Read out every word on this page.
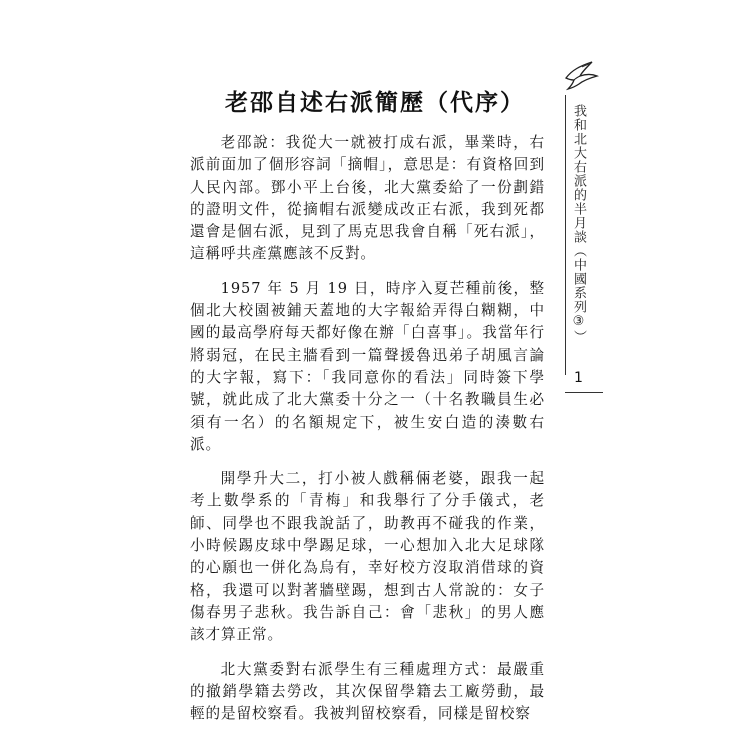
老邵自述右派簡歷（代序）

老邵說：我從大一就被打成右派，畢業時，右派前面加了個形容詞「摘帽」，意思是：有資格回到人民內部。鄧小平上台後，北大黨委給了一份劃錯的證明文件，從摘帽右派變成改正右派，我到死都還會是個右派，見到了馬克思我會自稱「死右派」，這稱呼共產黨應該不反對。

1957 年 5 月 19 日，時序入夏芒種前後，整個北大校園被鋪天蓋地的大字報給弄得白糊糊，中國的最高學府每天都好像在辦「白喜事」。我當年行將弱冠，在民主牆看到一篇聲援魯迅弟子胡風言論的大字報，寫下：「我同意你的看法」同時簽下學號，就此成了北大黨委十分之一（十名教職員生必須有一名）的名額規定下，被生安白造的湊數右派。

開學升大二，打小被人戲稱倆老婆，跟我一起考上數學系的「青梅」和我舉行了分手儀式，老師、同學也不跟我說話了，助教再不碰我的作業，小時候踢皮球中學踢足球，一心想加入北大足球隊的心願也一併化為烏有，幸好校方沒取消借球的資格，我還可以對著牆壁踢，想到古人常說的：女子傷春男子悲秋。我告訴自己：會「悲秋」的男人應該才算正常。

北大黨委對右派學生有三種處理方式：最嚴重的撤銷學籍去勞改，其次保留學籍去工廠勞動，最輕的是留校察看。我被判留校察看，同樣是留校察

我和北大右派的半月談（中國系列③）
1
